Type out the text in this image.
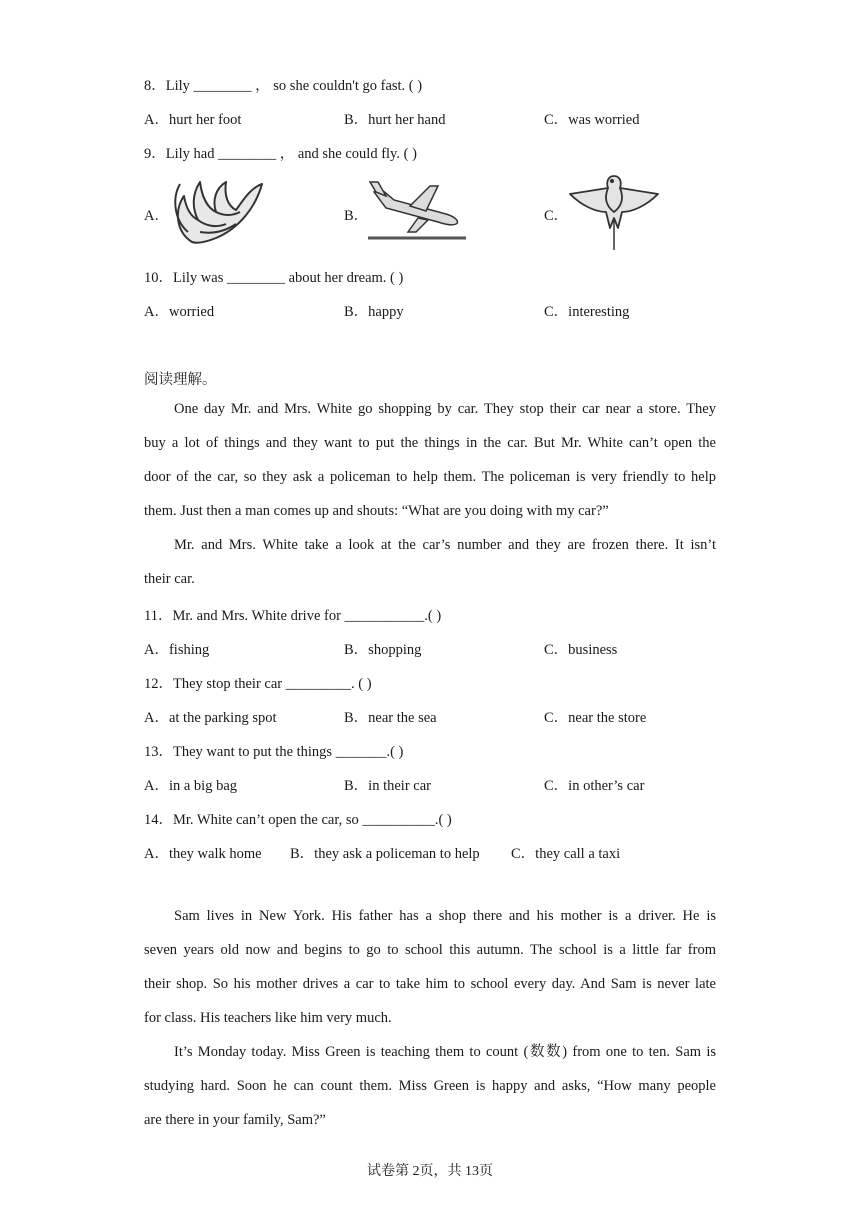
8．Lily ________ ， so she couldn't go fast. ( )
A．hurt her foot	B．hurt her hand	C．was worried
9．Lily had ________ ， and she could fly. ( )
A．	B．	C．
10．Lily was ________ about her dream. ( )
A．worried	B．happy	C．interesting
阅读理解。
One day Mr. and Mrs. White go shopping by car. They stop their car near a store. They
buy a lot of things and they want to put the things in the car. But Mr. White can’t open the
door of the car, so they ask a policeman to help them. The policeman is very friendly to help
them. Just then a man comes up and shouts: “What are you doing with my car?”
Mr. and Mrs. White take a look at the car’s number and they are frozen there. It isn’t
their car.
11．Mr. and Mrs. White drive for ___________.( )
A．fishing	B．shopping	C．business
12．They stop their car _________. ( )
A．at the parking spot	B．near the sea	C．near the store
13．They want to put the things _______.( )
A．in a big bag	B．in their car	C．in other’s car
14．Mr. White can’t open the car, so __________.( )
A．they walk home B．they ask a policeman to help C．they call a taxi
Sam lives in New York. His father has a shop there and his mother is a driver. He is
seven years old now and begins to go to school this autumn. The school is a little far from
their shop. So his mother drives a car to take him to school every day. And Sam is never late
for class. His teachers like him very much.
It’s Monday today. Miss Green is teaching them to count (数数) from one to ten. Sam is
studying hard. Soon he can count them. Miss Green is happy and asks, “How many people
are there in your family, Sam?”
试卷第 2页，共 13页
